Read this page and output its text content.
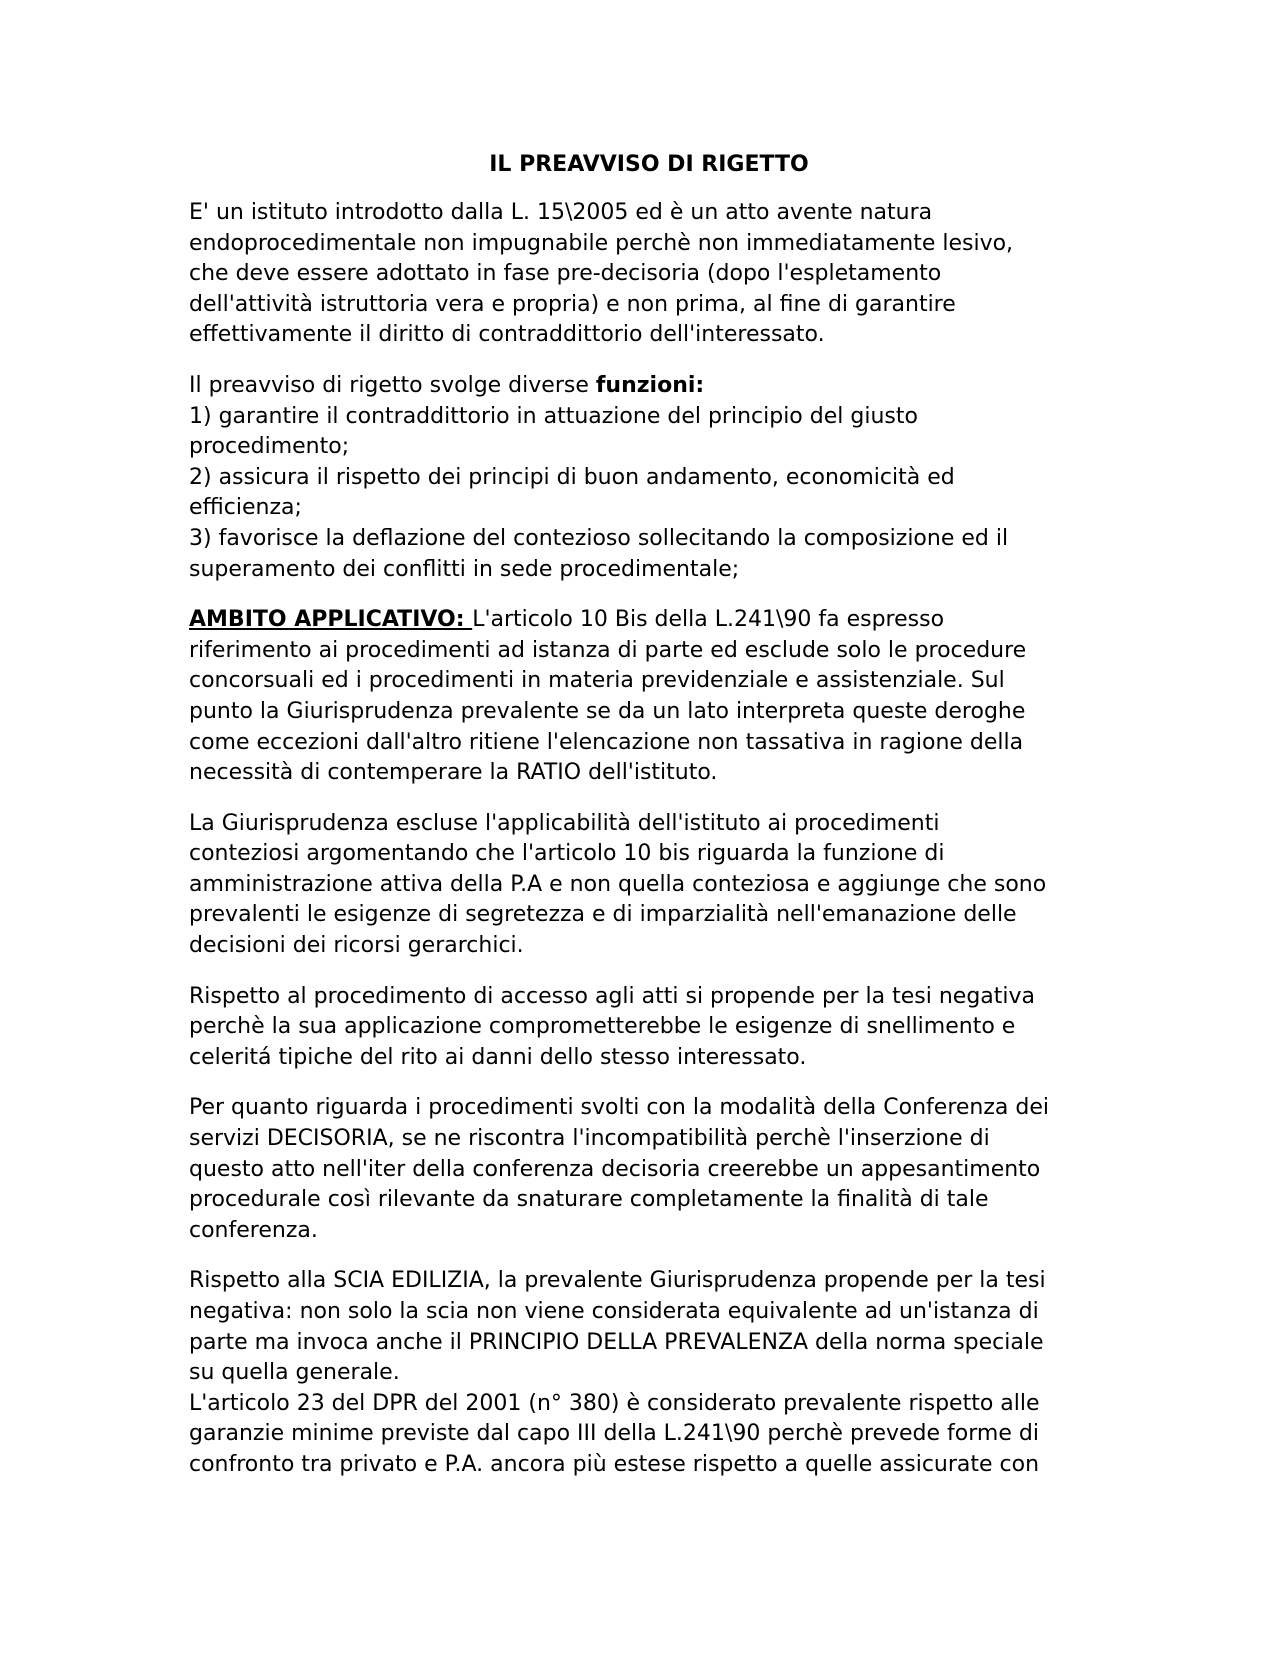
IL PREAVVISO DI RIGETTO

E' un istituto introdotto dalla L. 15\2005 ed è un atto avente natura
endoprocedimentale non impugnabile perchè non immediatamente lesivo,
che deve essere adottato in fase pre-decisoria (dopo l'espletamento
dell'attività istruttoria vera e propria) e non prima, al fine di garantire
effettivamente il diritto di contraddittorio dell'interessato.

Il preavviso di rigetto svolge diverse funzioni:
1) garantire il contraddittorio in attuazione del principio del giusto
procedimento;
2) assicura il rispetto dei principi di buon andamento, economicità ed
efficienza;
3) favorisce la deflazione del contezioso sollecitando la composizione ed il
superamento dei conflitti in sede procedimentale;

AMBITO APPLICATIVO: L'articolo 10 Bis della L.241\90 fa espresso
riferimento ai procedimenti ad istanza di parte ed esclude solo le procedure
concorsuali ed i procedimenti in materia previdenziale e assistenziale. Sul
punto la Giurisprudenza prevalente se da un lato interpreta queste deroghe
come eccezioni dall'altro ritiene l'elencazione non tassativa in ragione della
necessità di contemperare la RATIO dell'istituto.

La Giurisprudenza escluse l'applicabilità dell'istituto ai procedimenti
conteziosi argomentando che l'articolo 10 bis riguarda la funzione di
amministrazione attiva della P.A e non quella conteziosa e aggiunge che sono
prevalenti le esigenze di segretezza e di imparzialità nell'emanazione delle
decisioni dei ricorsi gerarchici.

Rispetto al procedimento di accesso agli atti si propende per la tesi negativa
perchè la sua applicazione comprometterebbe le esigenze di snellimento e
celeritá tipiche del rito ai danni dello stesso interessato.

Per quanto riguarda i procedimenti svolti con la modalità della Conferenza dei
servizi DECISORIA, se ne riscontra l'incompatibilità perchè l'inserzione di
questo atto nell'iter della conferenza decisoria creerebbe un appesantimento
procedurale così rilevante da snaturare completamente la finalità di tale
conferenza.

Rispetto alla SCIA EDILIZIA, la prevalente Giurisprudenza propende per la tesi
negativa: non solo la scia non viene considerata equivalente ad un'istanza di
parte ma invoca anche il PRINCIPIO DELLA PREVALENZA della norma speciale
su quella generale.

L'articolo 23 del DPR del 2001 (n° 380) è considerato prevalente rispetto alle
garanzie minime previste dal capo III della L.241\90 perchè prevede forme di
confronto tra privato e P.A. ancora più estese rispetto a quelle assicurate con
